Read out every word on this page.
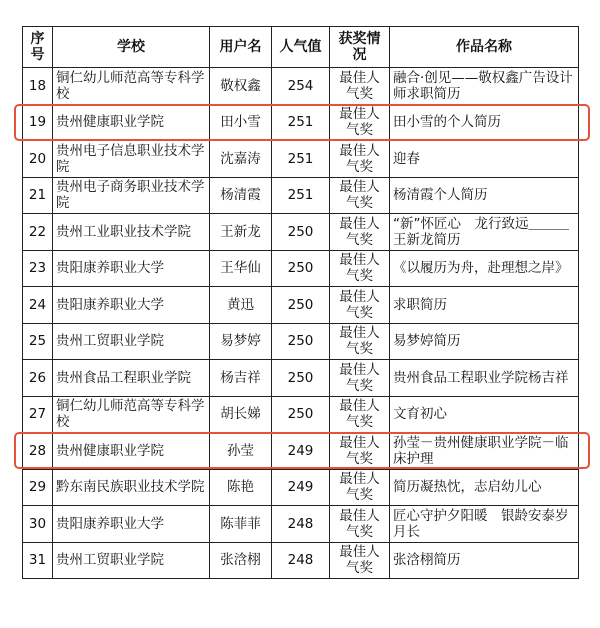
序号	学校	用户名	人气值	获奖情况	作品名称
18	铜仁幼儿师范高等专科学校	敬权鑫	254	最佳人气奖	融合·创见——敬权鑫广告设计师求职简历
19	贵州健康职业学院	田小雪	251	最佳人气奖	田小雪的个人简历
20	贵州电子信息职业技术学院	沈嘉涛	251	最佳人气奖	迎春
21	贵州电子商务职业技术学院	杨清霞	251	最佳人气奖	杨清霞个人简历
22	贵州工业职业技术学院	王新龙	250	最佳人气奖	“新”怀匠心　龙行致远＿＿＿王新龙简历
23	贵阳康养职业大学	王华仙	250	最佳人气奖	《以履历为舟，赴理想之岸》
24	贵阳康养职业大学	黄迅	250	最佳人气奖	求职简历
25	贵州工贸职业学院	易梦婷	250	最佳人气奖	易梦婷简历
26	贵州食品工程职业学院	杨吉祥	250	最佳人气奖	贵州食品工程职业学院杨吉祥
27	铜仁幼儿师范高等专科学校	胡长娣	250	最佳人气奖	文育初心
28	贵州健康职业学院	孙莹	249	最佳人气奖	孙莹－贵州健康职业学院－临床护理
29	黔东南民族职业技术学院	陈艳	249	最佳人气奖	简历凝热忱，志启幼儿心
30	贵阳康养职业大学	陈菲菲	248	最佳人气奖	匠心守护夕阳暖　银龄安泰岁月长
31	贵州工贸职业学院	张浛栩	248	最佳人气奖	张浛栩简历
